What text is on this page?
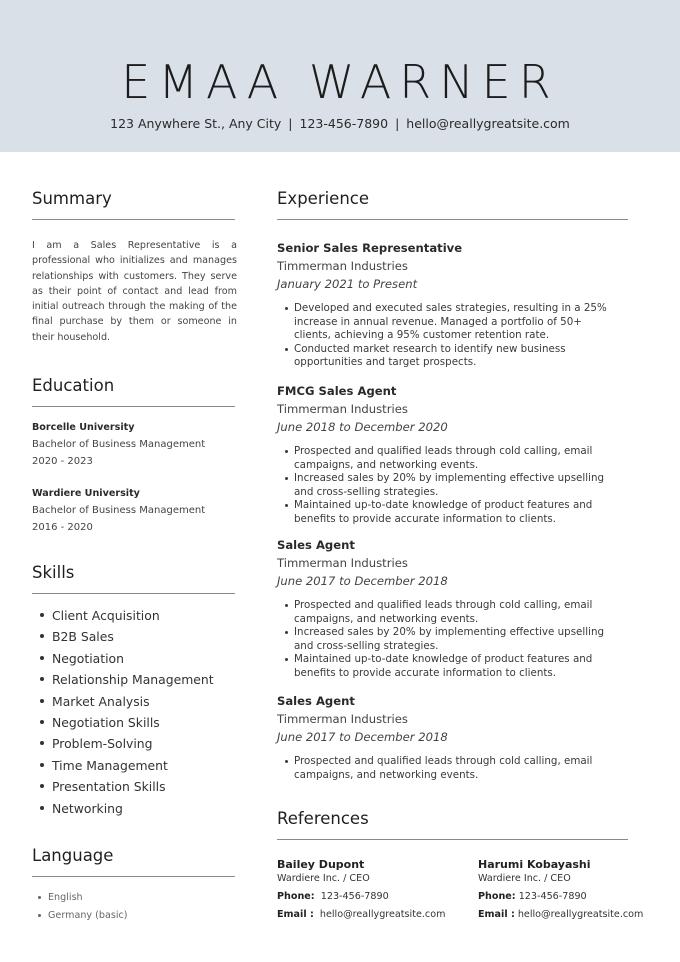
EMAA WARNER
123 Anywhere St., Any City | 123-456-7890 | hello@reallygreatsite.com
Summary
I am a Sales Representative is a professional who initializes and manages relationships with customers. They serve as their point of contact and lead from initial outreach through the making of the final purchase by them or someone in their household.
Education
Borcelle University
Bachelor of Business Management
2020 - 2023
Wardiere University
Bachelor of Business Management
2016 - 2020
Skills
Client Acquisition
B2B Sales
Negotiation
Relationship Management
Market Analysis
Negotiation Skills
Problem-Solving
Time Management
Presentation Skills
Networking
Language
English
Germany (basic)
Experience
Senior Sales Representative
Timmerman Industries
January 2021 to Present
Developed and executed sales strategies, resulting in a 25% increase in annual revenue. Managed a portfolio of 50+ clients, achieving a 95% customer retention rate.
Conducted market research to identify new business opportunities and target prospects.
FMCG Sales Agent
Timmerman Industries
June 2018 to December 2020
Prospected and qualified leads through cold calling, email campaigns, and networking events.
Increased sales by 20% by implementing effective upselling and cross-selling strategies.
Maintained up-to-date knowledge of product features and benefits to provide accurate information to clients.
Sales Agent
Timmerman Industries
June 2017 to December 2018
Prospected and qualified leads through cold calling, email campaigns, and networking events.
Increased sales by 20% by implementing effective upselling and cross-selling strategies.
Maintained up-to-date knowledge of product features and benefits to provide accurate information to clients.
Sales Agent
Timmerman Industries
June 2017 to December 2018
Prospected and qualified leads through cold calling, email campaigns, and networking events.
References
Bailey Dupont
Wardiere Inc. / CEO
Phone: 123-456-7890
Email : hello@reallygreatsite.com
Harumi Kobayashi
Wardiere Inc. / CEO
Phone: 123-456-7890
Email : hello@reallygreatsite.com
